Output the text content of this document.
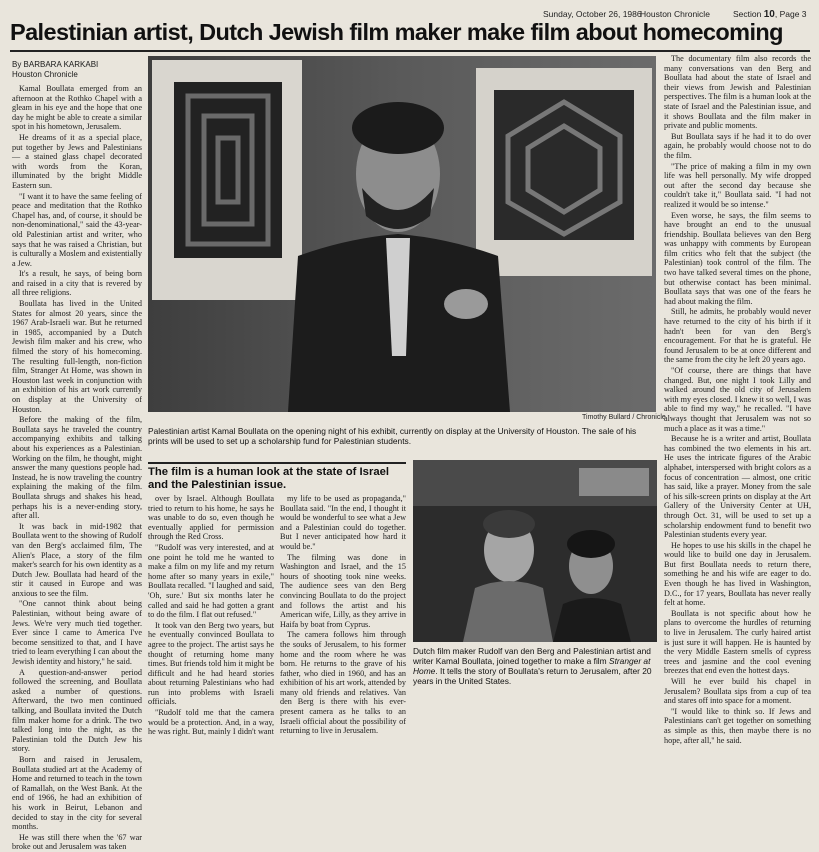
Sunday, October 26, 1986
Houston Chronicle	Section 10, Page 3
Palestinian artist, Dutch Jewish film maker make film about homecoming
By BARBARA KARKABI
Houston Chronicle

Kamal Boullata emerged from an afternoon at the Rothko Chapel with a gleam in his eye and the hope that one day he might be able to create a similar spot in his hometown, Jerusalem.

He dreams of it as a special place, put together by Jews and Palestinians — a stained glass chapel decorated with words from the Koran, illuminated by the bright Middle Eastern sun.

"I want it to have the same feeling of peace and meditation that the Rothko Chapel has, and, of course, it should be non-denominational," said the 43-year-old Palestinian artist and writer, who says that he was raised a Christian, but is culturally a Moslem and existentially a Jew.

It's a result, he says, of being born and raised in a city that is revered by all three religions.

Boullata has lived in the United States for almost 20 years, since the 1967 Arab-Israeli war. But he returned in 1985, accompanied by a Dutch Jewish film maker and his crew, who filmed the story of his homecoming. The resulting full-length, non-fiction film, Stranger At Home, was shown in Houston last week in conjunction with an exhibition of his art work currently on display at the University of Houston.

Before the making of the film, Boullata says he traveled the country accompanying exhibits and talking about his experiences as a Palestinian. Working on the film, he thought, might answer the many questions people had. Instead, he is now traveling the country explaining the making of the film. Boullata shrugs and shakes his head, perhaps his is a never-ending story, after all.

It was back in mid-1982 that Boullata went to the showing of Rudolf van den Berg's acclaimed film, The Alien's Place, a story of the film maker's search for his own identity as a Dutch Jew. Boullata had heard of the stir it caused in Europe and was anxious to see the film.

"One cannot think about being Palestinian, without being aware of Jews. We're very much tied together. Ever since I came to America I've become sensitized to that, and I have tried to learn everything I can about the Jewish identity and history," he said.

A question-and-answer period followed the screening, and Boullata asked a number of questions. Afterward, the two men continued talking, and Boullata invited the Dutch film maker home for a drink. The two talked long into the night, as the Palestinian told the Dutch Jew his story.

Born and raised in Jerusalem, Boullata studied art at the Academy of Home and returned to teach in the town of Ramallah, on the West Bank. At the end of 1966, he had an exhibition of his work in Beirut, Lebanon and decided to stay in the city for several months.

He was still there when the '67 war broke out and Jerusalem was taken

over by Israel. Although Boullata tried to return to his home, he says he was unable to do so, even though he eventually applied for permission through the Red Cross.

"Rudolf was very interested, and at one point he told me he wanted to make a film on my life and my return home after so many years in exile," Boullata recalled. "I laughed and said, 'Oh, sure.' But six months later he called and said he had gotten a grant to do the film. I flat out refused."

It took van den Berg two years, but he eventually convinced Boullata to agree to the project. The artist says he thought of returning home many times. But friends told him it might be difficult and he had heard stories about returning Palestinians who had run into problems with Israeli officials.

"Rudolf told me that the camera would be a protection. And, in a way, he was right. But, mainly I didn't want

my life to be used as propaganda," Boullata said. "In the end, I thought it would be wonderful to see what a Jew and a Palestinian could do together. But I never anticipated how hard it would be."

The filming was done in Washington and Israel, and the 15 hours of shooting took nine weeks. The audience sees van den Berg convincing Boullata to do the project and follows the artist and his American wife, Lilly, as they arrive in Haifa by boat from Cyprus.

The camera follows him through the souks of Jerusalem, to his former home and the room where he was born. He returns to the grave of his father, who died in 1960, and has an exhibition of his art work, attended by many old friends and relatives. Van den Berg is there with his ever-present camera as he talks to an Israeli official about the possibility of returning to live in Jerusalem.

The documentary film also records the many conversations van den Berg and Boullata had about the state of Israel and their views from Jewish and Palestinian perspectives. The film is a human look at the state of Israel and the Palestinian issue, and it shows Boullata and the film maker in private and public moments.

But Boullata says if he had it to do over again, he probably would choose not to do the film.

"The price of making a film in my own life was hell personally. My wife dropped out after the second day because she couldn't take it," Boullata said. "I had not realized it would be so intense."

Even worse, he says, the film seems to have brought an end to the unusual friendship. Boullata believes van den Berg was unhappy with comments by European film critics who felt that the subject (the Palestinian) took control of the film. The two have talked several times on the phone, but otherwise contact has been minimal. Boullata says that was one of the fears he had about making the film.

Still, he admits, he probably would never have returned to the city of his birth if it hadn't been for van den Berg's encouragement. For that he is grateful. He found Jerusalem to be at once different and the same from the city he left 20 years ago.

"Of course, there are things that have changed. But, one night I took Lilly and walked around the old city of Jerusalem with my eyes closed. I knew it so well, I was able to find my way," he recalled. "I have always thought that Jerusalem was not so much a place as it was a time."

Because he is a writer and artist, Boullata has combined the two elements in his art. He uses the intricate figures of the Arabic alphabet, interspersed with bright colors as a focus of concentration — almost, one critic has said, like a prayer. Money from the sale of his silk-screen prints on display at the Art Gallery of the University Center at UH, through Oct. 31, will be used to set up a scholarship endowment fund to benefit two Palestinian students every year.

He hopes to use his skills in the chapel he would like to build one day in Jerusalem. But first Boullata needs to return there, something he and his wife are eager to do. Even though he has lived in Washington, D.C., for 17 years, Boullata has never really felt at home.

Boullata is not specific about how he plans to overcome the hurdles of returning to live in Jerusalem. The curly haired artist is just sure it will happen. He is haunted by the very Middle Eastern smells of cypress trees and jasmine and the cool evening breezes that end even the hottest days.

Will he ever build his chapel in Jerusalem? Boullata sips from a cup of tea and stares off into space for a moment.

"I would like to think so. If Jews and Palestinians can't get together on something as simple as this, then maybe there is no hope, after all," he said.

Timothy Bullard / Chronicle
Palestinian artist Kamal Boullata on the opening night of his exhibit, currently on display at the University of Houston. The sale of his prints will be used to set up a scholarship fund for Palestinian students.
The film is a human look at the state of Israel and the Palestinian issue.
Dutch film maker Rudolf van den Berg and Palestinian artist and writer Kamal Boullata, joined together to make a film Stranger at Home. It tells the story of Boullata's return to Jerusalem, after 20 years in the United States.
